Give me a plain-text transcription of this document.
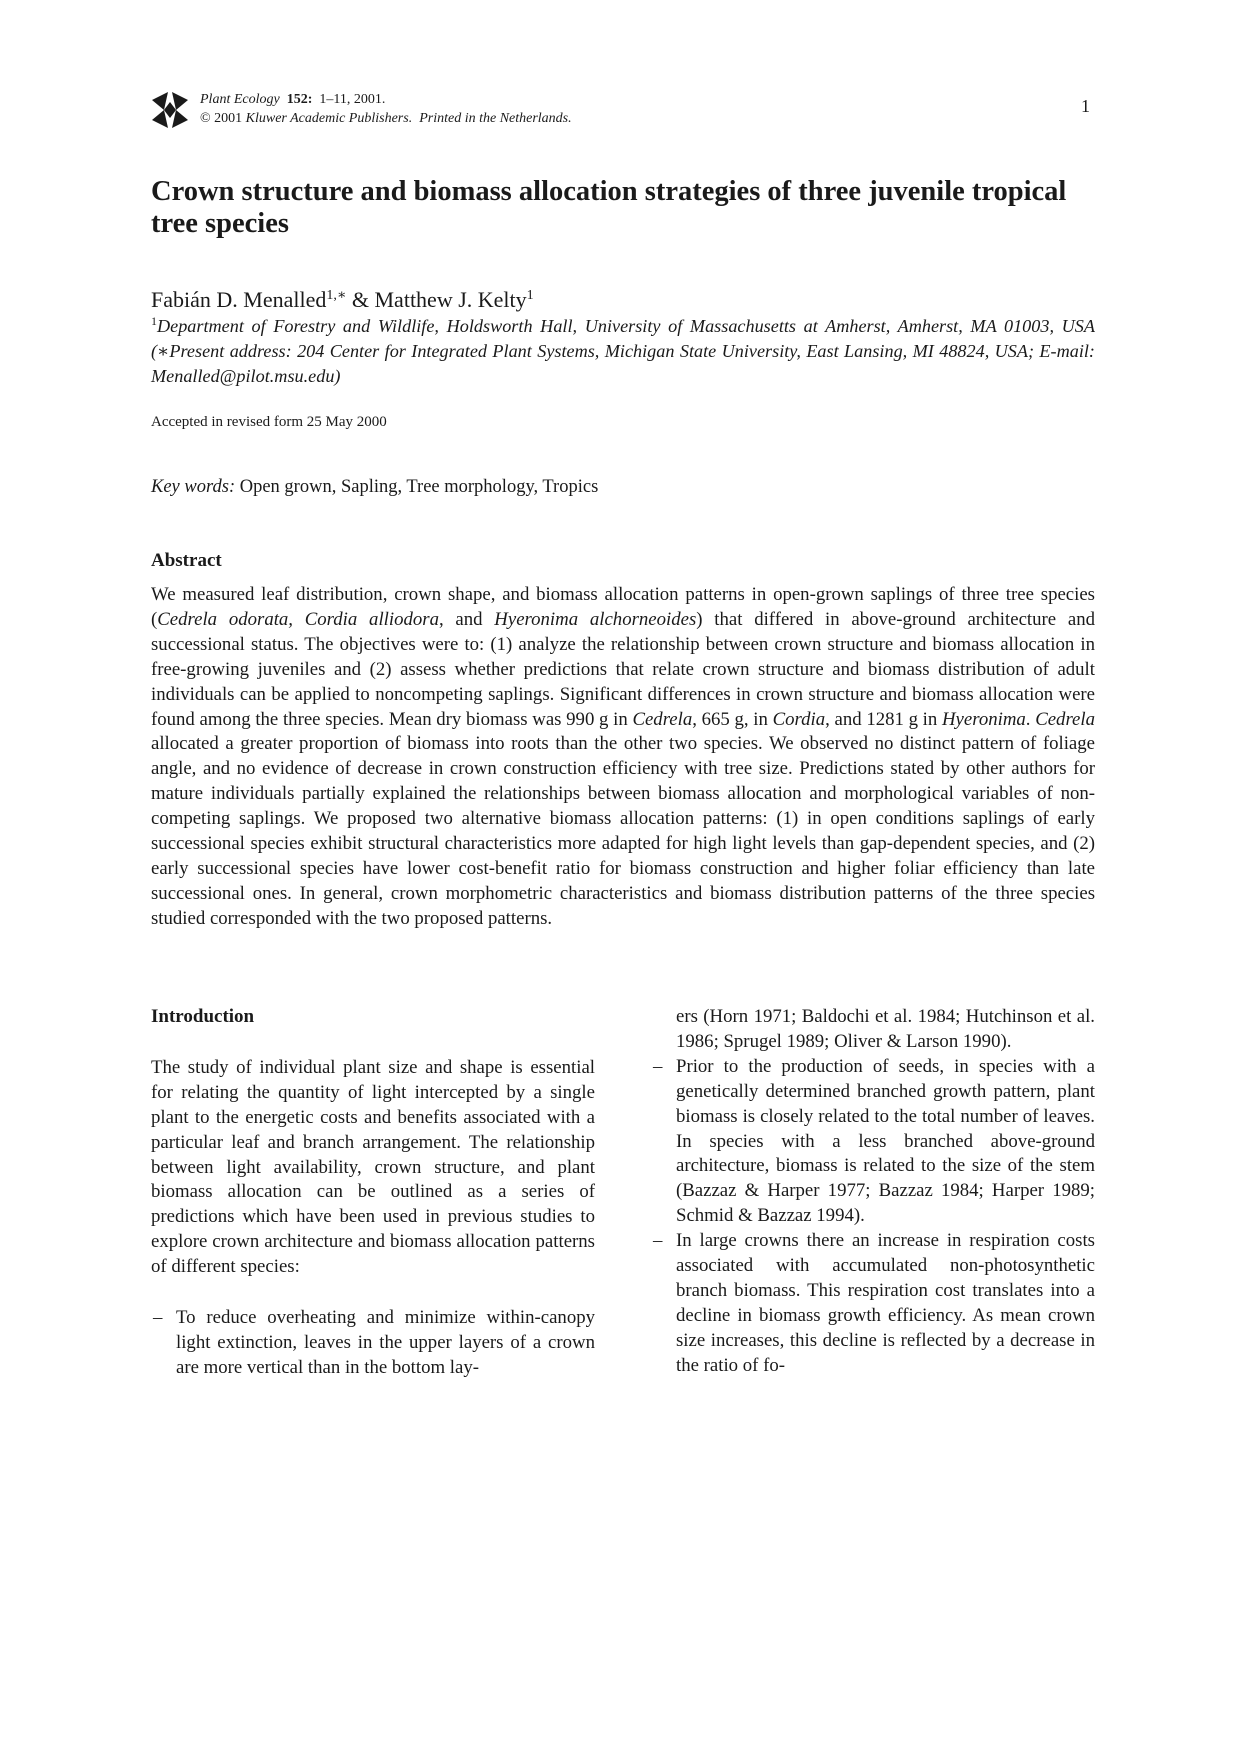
Plant Ecology 152: 1–11, 2001.
© 2001 Kluwer Academic Publishers. Printed in the Netherlands.
1
Crown structure and biomass allocation strategies of three juvenile tropical tree species
Fabián D. Menalled$^{1,∗}$ & Matthew J. Kelty$^1$
$^1$Department of Forestry and Wildlife, Holdsworth Hall, University of Massachusetts at Amherst, Amherst, MA 01003, USA (∗Present address: 204 Center for Integrated Plant Systems, Michigan State University, East Lansing, MI 48824, USA; E-mail: Menalled@pilot.msu.edu)
Accepted in revised form 25 May 2000
Key words: Open grown, Sapling, Tree morphology, Tropics
Abstract

We measured leaf distribution, crown shape, and biomass allocation patterns in open-grown saplings of three tree species (Cedrela odorata, Cordia alliodora, and Hyeronima alchorneoides) that differed in above-ground architecture and successional status. The objectives were to: (1) analyze the relationship between crown structure and biomass allocation in free-growing juveniles and (2) assess whether predictions that relate crown structure and biomass distribution of adult individuals can be applied to noncompeting saplings. Significant differences in crown structure and biomass allocation were found among the three species. Mean dry biomass was 990 g in Cedrela, 665 g, in Cordia, and 1281 g in Hyeronima. Cedrela allocated a greater proportion of biomass into roots than the other two species. We observed no distinct pattern of foliage angle, and no evidence of decrease in crown construction efficiency with tree size. Predictions stated by other authors for mature individuals partially explained the relationships between biomass allocation and morphological variables of non-competing saplings. We proposed two alternative biomass allocation patterns: (1) in open conditions saplings of early successional species exhibit structural characteristics more adapted for high light levels than gap-dependent species, and (2) early successional species have lower cost-benefit ratio for biomass construction and higher foliar efficiency than late successional ones. In general, crown morphometric characteristics and biomass distribution patterns of the three species studied corresponded with the two proposed patterns.

Introduction

The study of individual plant size and shape is essential for relating the quantity of light intercepted by a single plant to the energetic costs and benefits associated with a particular leaf and branch arrangement. The relationship between light availability, crown structure, and plant biomass allocation can be outlined as a series of predictions which have been used in previous studies to explore crown architecture and biomass allocation patterns of different species:

– To reduce overheating and minimize within-canopy light extinction, leaves in the upper layers of a crown are more vertical than in the bottom lay-

ers (Horn 1971; Baldochi et al. 1984; Hutchinson et al. 1986; Sprugel 1989; Oliver & Larson 1990).

– Prior to the production of seeds, in species with a genetically determined branched growth pattern, plant biomass is closely related to the total number of leaves. In species with a less branched above-ground architecture, biomass is related to the size of the stem (Bazzaz & Harper 1977; Bazzaz 1984; Harper 1989; Schmid & Bazzaz 1994).
– In large crowns there an increase in respiration costs associated with accumulated non-photosynthetic branch biomass. This respiration cost translates into a decline in biomass growth efficiency. As mean crown size increases, this decline is reflected by a decrease in the ratio of fo-
